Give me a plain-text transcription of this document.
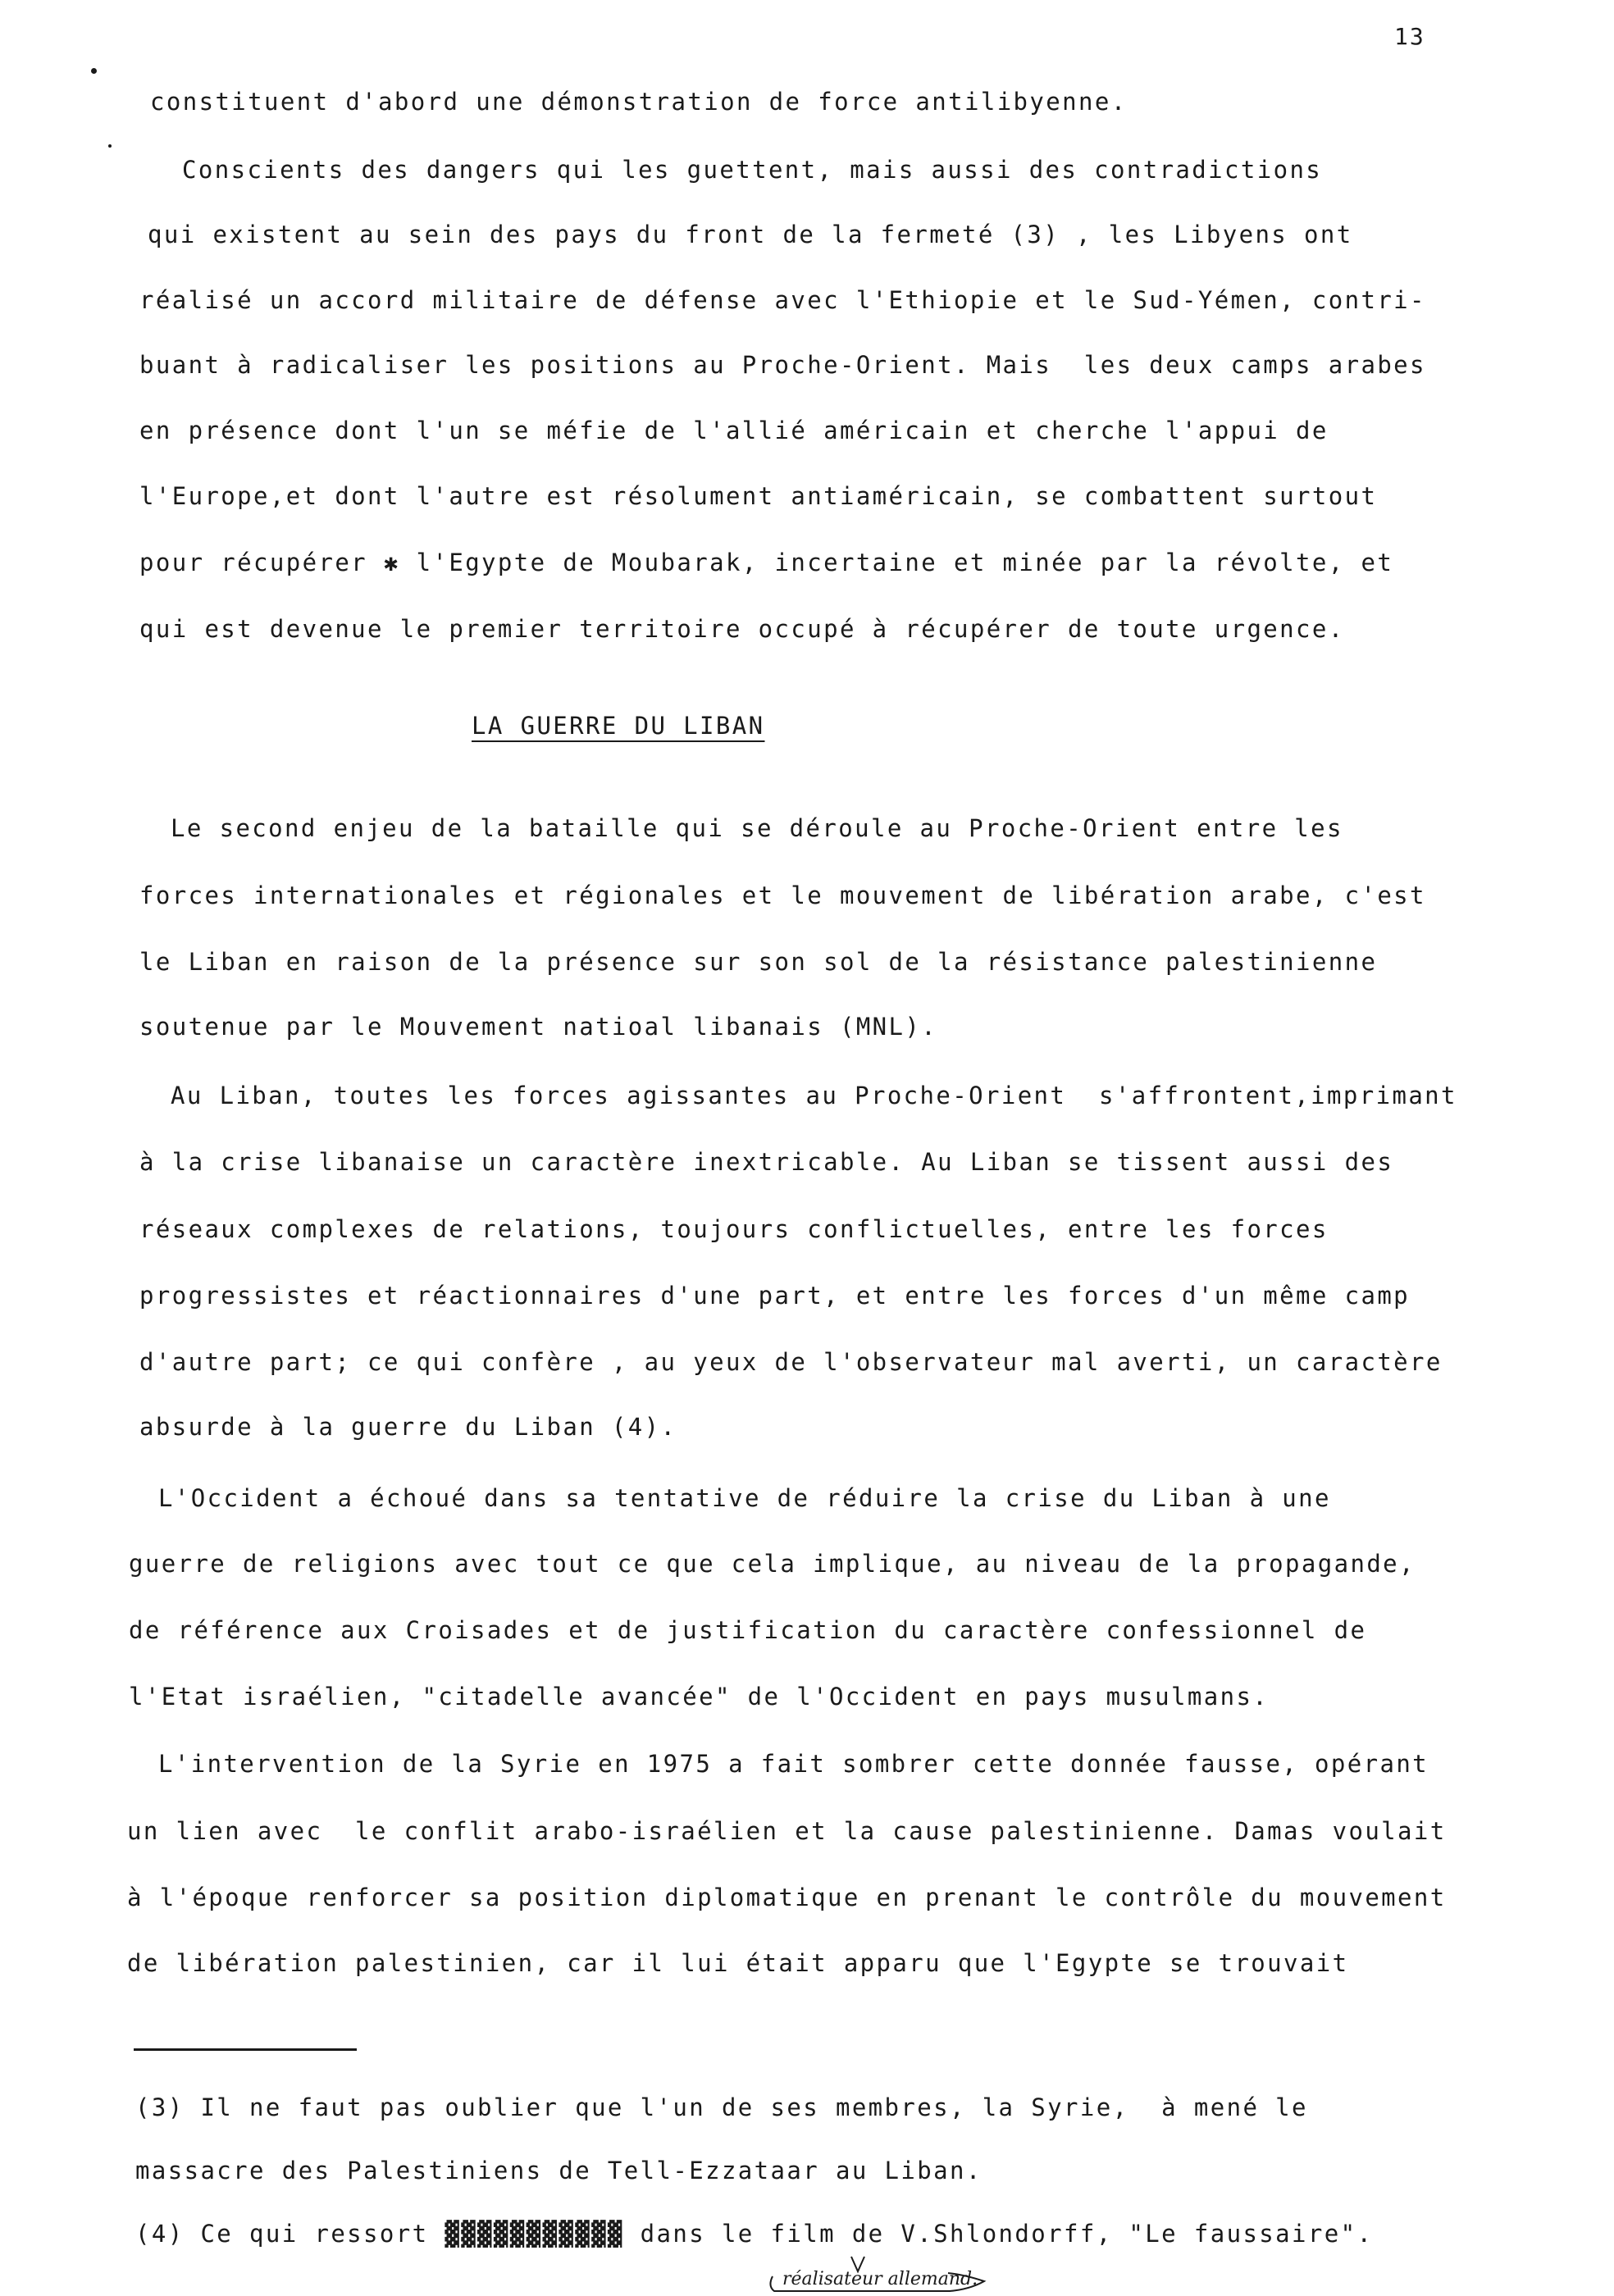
13
constituent d'abord une démonstration de force antilibyenne.
Conscients des dangers qui les guettent, mais aussi des contradictions
qui existent au sein des pays du front de la fermeté (3) , les Libyens ont
réalisé un accord militaire de défense avec l'Ethiopie et le Sud-Yémen, contri-
buant à radicaliser les positions au Proche-Orient. Mais  les deux camps arabes
en présence dont l'un se méfie de l'allié américain et cherche l'appui de
l'Europe,et dont l'autre est résolument antiaméricain, se combattent surtout
pour récupérer ✱ l'Egypte de Moubarak, incertaine et minée par la révolte, et
qui est devenue le premier territoire occupé à récupérer de toute urgence.
LA GUERRE DU LIBAN
Le second enjeu de la bataille qui se déroule au Proche-Orient entre les
forces internationales et régionales et le mouvement de libération arabe, c'est
le Liban en raison de la présence sur son sol de la résistance palestinienne
soutenue par le Mouvement natioal libanais (MNL).
Au Liban, toutes les forces agissantes au Proche-Orient  s'affrontent,imprimant
à la crise libanaise un caractère inextricable. Au Liban se tissent aussi des
réseaux complexes de relations, toujours conflictuelles, entre les forces
progressistes et réactionnaires d'une part, et entre les forces d'un même camp
d'autre part; ce qui confère , au yeux de l'observateur mal averti, un caractère
absurde à la guerre du Liban (4).
L'Occident a échoué dans sa tentative de réduire la crise du Liban à une
guerre de religions avec tout ce que cela implique, au niveau de la propagande,
de référence aux Croisades et de justification du caractère confessionnel de
l'Etat israélien, "citadelle avancée" de l'Occident en pays musulmans.
L'intervention de la Syrie en 1975 a fait sombrer cette donnée fausse, opérant
un lien avec  le conflit arabo-israélien et la cause palestinienne. Damas voulait
à l'époque renforcer sa position diplomatique en prenant le contrôle du mouvement
de libération palestinien, car il lui était apparu que l'Egypte se trouvait
(3) Il ne faut pas oublier que l'un de ses membres, la Syrie,  à mené le
massacre des Palestiniens de Tell-Ezzataar au Liban.
(4) Ce qui ressort ▓▓▓▓▓▓▓▓▓▓▓ dans le film de V.Shlondorff, "Le faussaire".
réalisateur allemand.
